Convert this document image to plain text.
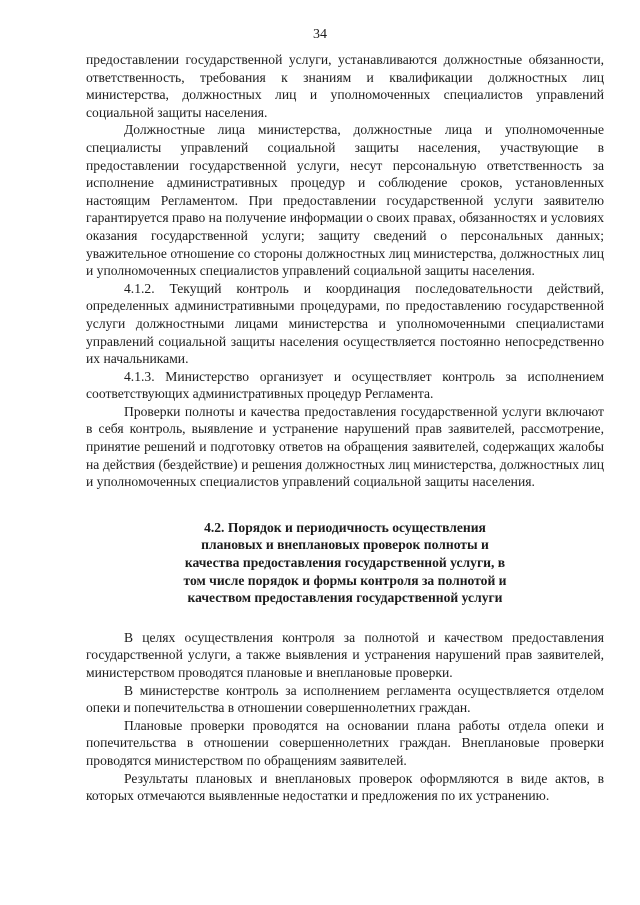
34

предоставлении государственной услуги, устанавливаются должностные обязанности, ответственность, требования к знаниям и квалификации должностных лиц министерства, должностных лиц и уполномоченных специалистов управлений социальной защиты населения.

Должностные лица министерства, должностные лица и уполномоченные специалисты управлений социальной защиты населения, участвующие в предоставлении государственной услуги, несут персональную ответственность за исполнение административных процедур и соблюдение сроков, установленных настоящим Регламентом. При предоставлении государственной услуги заявителю гарантируется право на получение информации о своих правах, обязанностях и условиях оказания государственной услуги; защиту сведений о персональных данных; уважительное отношение со стороны должностных лиц министерства, должностных лиц и уполномоченных специалистов управлений социальной защиты населения.

4.1.2. Текущий контроль и координация последовательности действий, определенных административными процедурами, по предоставлению государственной услуги должностными лицами министерства и уполномоченными специалистами управлений социальной защиты населения осуществляется постоянно непосредственно их начальниками.

4.1.3. Министерство организует и осуществляет контроль за исполнением соответствующих административных процедур Регламента.

Проверки полноты и качества предоставления государственной услуги включают в себя контроль, выявление и устранение нарушений прав заявителей, рассмотрение, принятие решений и подготовку ответов на обращения заявителей, содержащих жалобы на действия (бездействие) и решения должностных лиц министерства, должностных лиц и уполномоченных специалистов управлений социальной защиты населения.

4.2. Порядок и периодичность осуществления плановых и внеплановых проверок полноты и качества предоставления государственной услуги, в том числе порядок и формы контроля за полнотой и качеством предоставления государственной услуги

В целях осуществления контроля за полнотой и качеством предоставления государственной услуги, а также выявления и устранения нарушений прав заявителей, министерством проводятся плановые и внеплановые проверки.

В министерстве контроль за исполнением регламента осуществляется отделом опеки и попечительства в отношении совершеннолетних граждан.

Плановые проверки проводятся на основании плана работы отдела опеки и попечительства в отношении совершеннолетних граждан. Внеплановые проверки проводятся министерством по обращениям заявителей.

Результаты плановых и внеплановых проверок оформляются в виде актов, в которых отмечаются выявленные недостатки и предложения по их устранению.
